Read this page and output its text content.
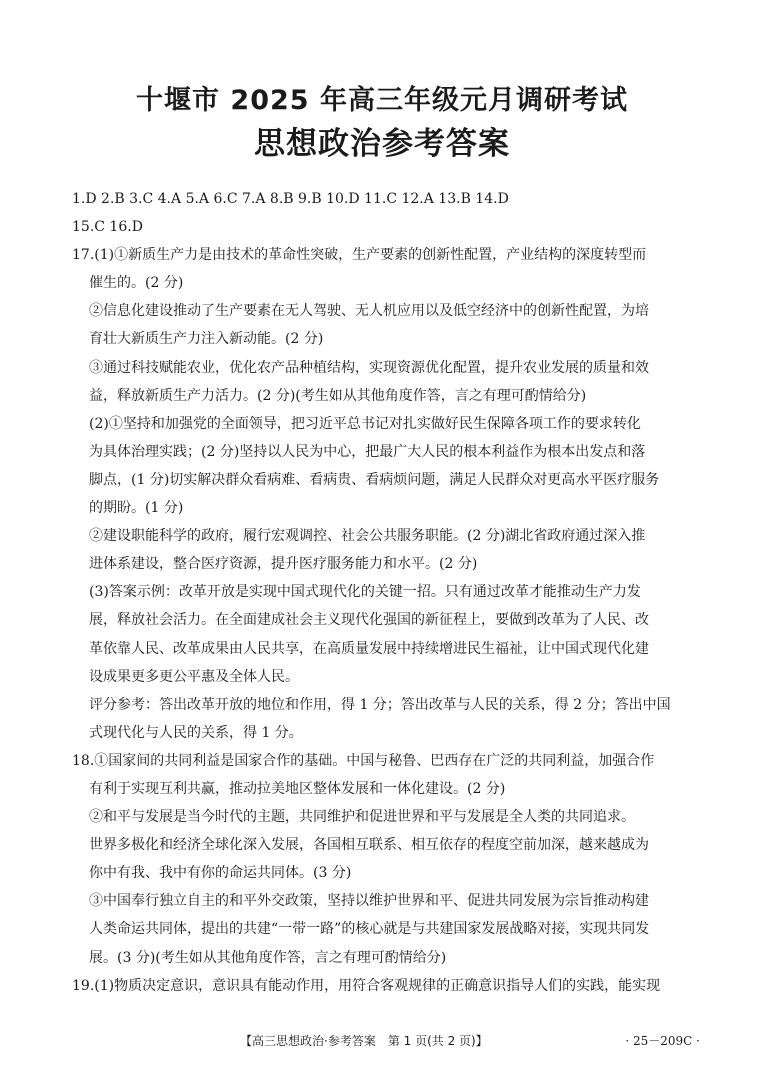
十堰市 2025 年高三年级元月调研考试
思想政治参考答案
1.D 2.B 3.C 4.A 5.A 6.C 7.A 8.B 9.B 10.D 11.C 12.A 13.B 14.D
15.C 16.D
17.(1)①新质生产力是由技术的革命性突破，生产要素的创新性配置，产业结构的深度转型而
催生的。(2 分)
②信息化建设推动了生产要素在无人驾驶、无人机应用以及低空经济中的创新性配置，为培
育壮大新质生产力注入新动能。(2 分)
③通过科技赋能农业，优化农产品种植结构，实现资源优化配置，提升农业发展的质量和效
益，释放新质生产力活力。(2 分)(考生如从其他角度作答，言之有理可酌情给分)
(2)①坚持和加强党的全面领导，把习近平总书记对扎实做好民生保障各项工作的要求转化
为具体治理实践；(2 分)坚持以人民为中心，把最广大人民的根本利益作为根本出发点和落
脚点，(1 分)切实解决群众看病难、看病贵、看病烦问题，满足人民群众对更高水平医疗服务
的期盼。(1 分)
②建设职能科学的政府，履行宏观调控、社会公共服务职能。(2 分)湖北省政府通过深入推
进体系建设，整合医疗资源，提升医疗服务能力和水平。(2 分)
(3)答案示例：改革开放是实现中国式现代化的关键一招。只有通过改革才能推动生产力发
展，释放社会活力。在全面建成社会主义现代化强国的新征程上，要做到改革为了人民、改
革依靠人民、改革成果由人民共享，在高质量发展中持续增进民生福祉，让中国式现代化建
设成果更多更公平惠及全体人民。
评分参考：答出改革开放的地位和作用，得 1 分；答出改革与人民的关系，得 2 分；答出中国
式现代化与人民的关系，得 1 分。
18.①国家间的共同利益是国家合作的基础。中国与秘鲁、巴西存在广泛的共同利益，加强合作
有利于实现互利共赢，推动拉美地区整体发展和一体化建设。(2 分)
②和平与发展是当今时代的主题，共同维护和促进世界和平与发展是全人类的共同追求。
世界多极化和经济全球化深入发展，各国相互联系、相互依存的程度空前加深，越来越成为
你中有我、我中有你的命运共同体。(3 分)
③中国奉行独立自主的和平外交政策，坚持以维护世界和平、促进共同发展为宗旨推动构建
人类命运共同体，提出的共建“一带一路”的核心就是与共建国家发展战略对接，实现共同发
展。(3 分)(考生如从其他角度作答，言之有理可酌情给分)
19.(1)物质决定意识，意识具有能动作用，用符合客观规律的正确意识指导人们的实践，能实现
【高三思想政治·参考答案　第 1 页(共 2 页)】	· 25－209C ·
